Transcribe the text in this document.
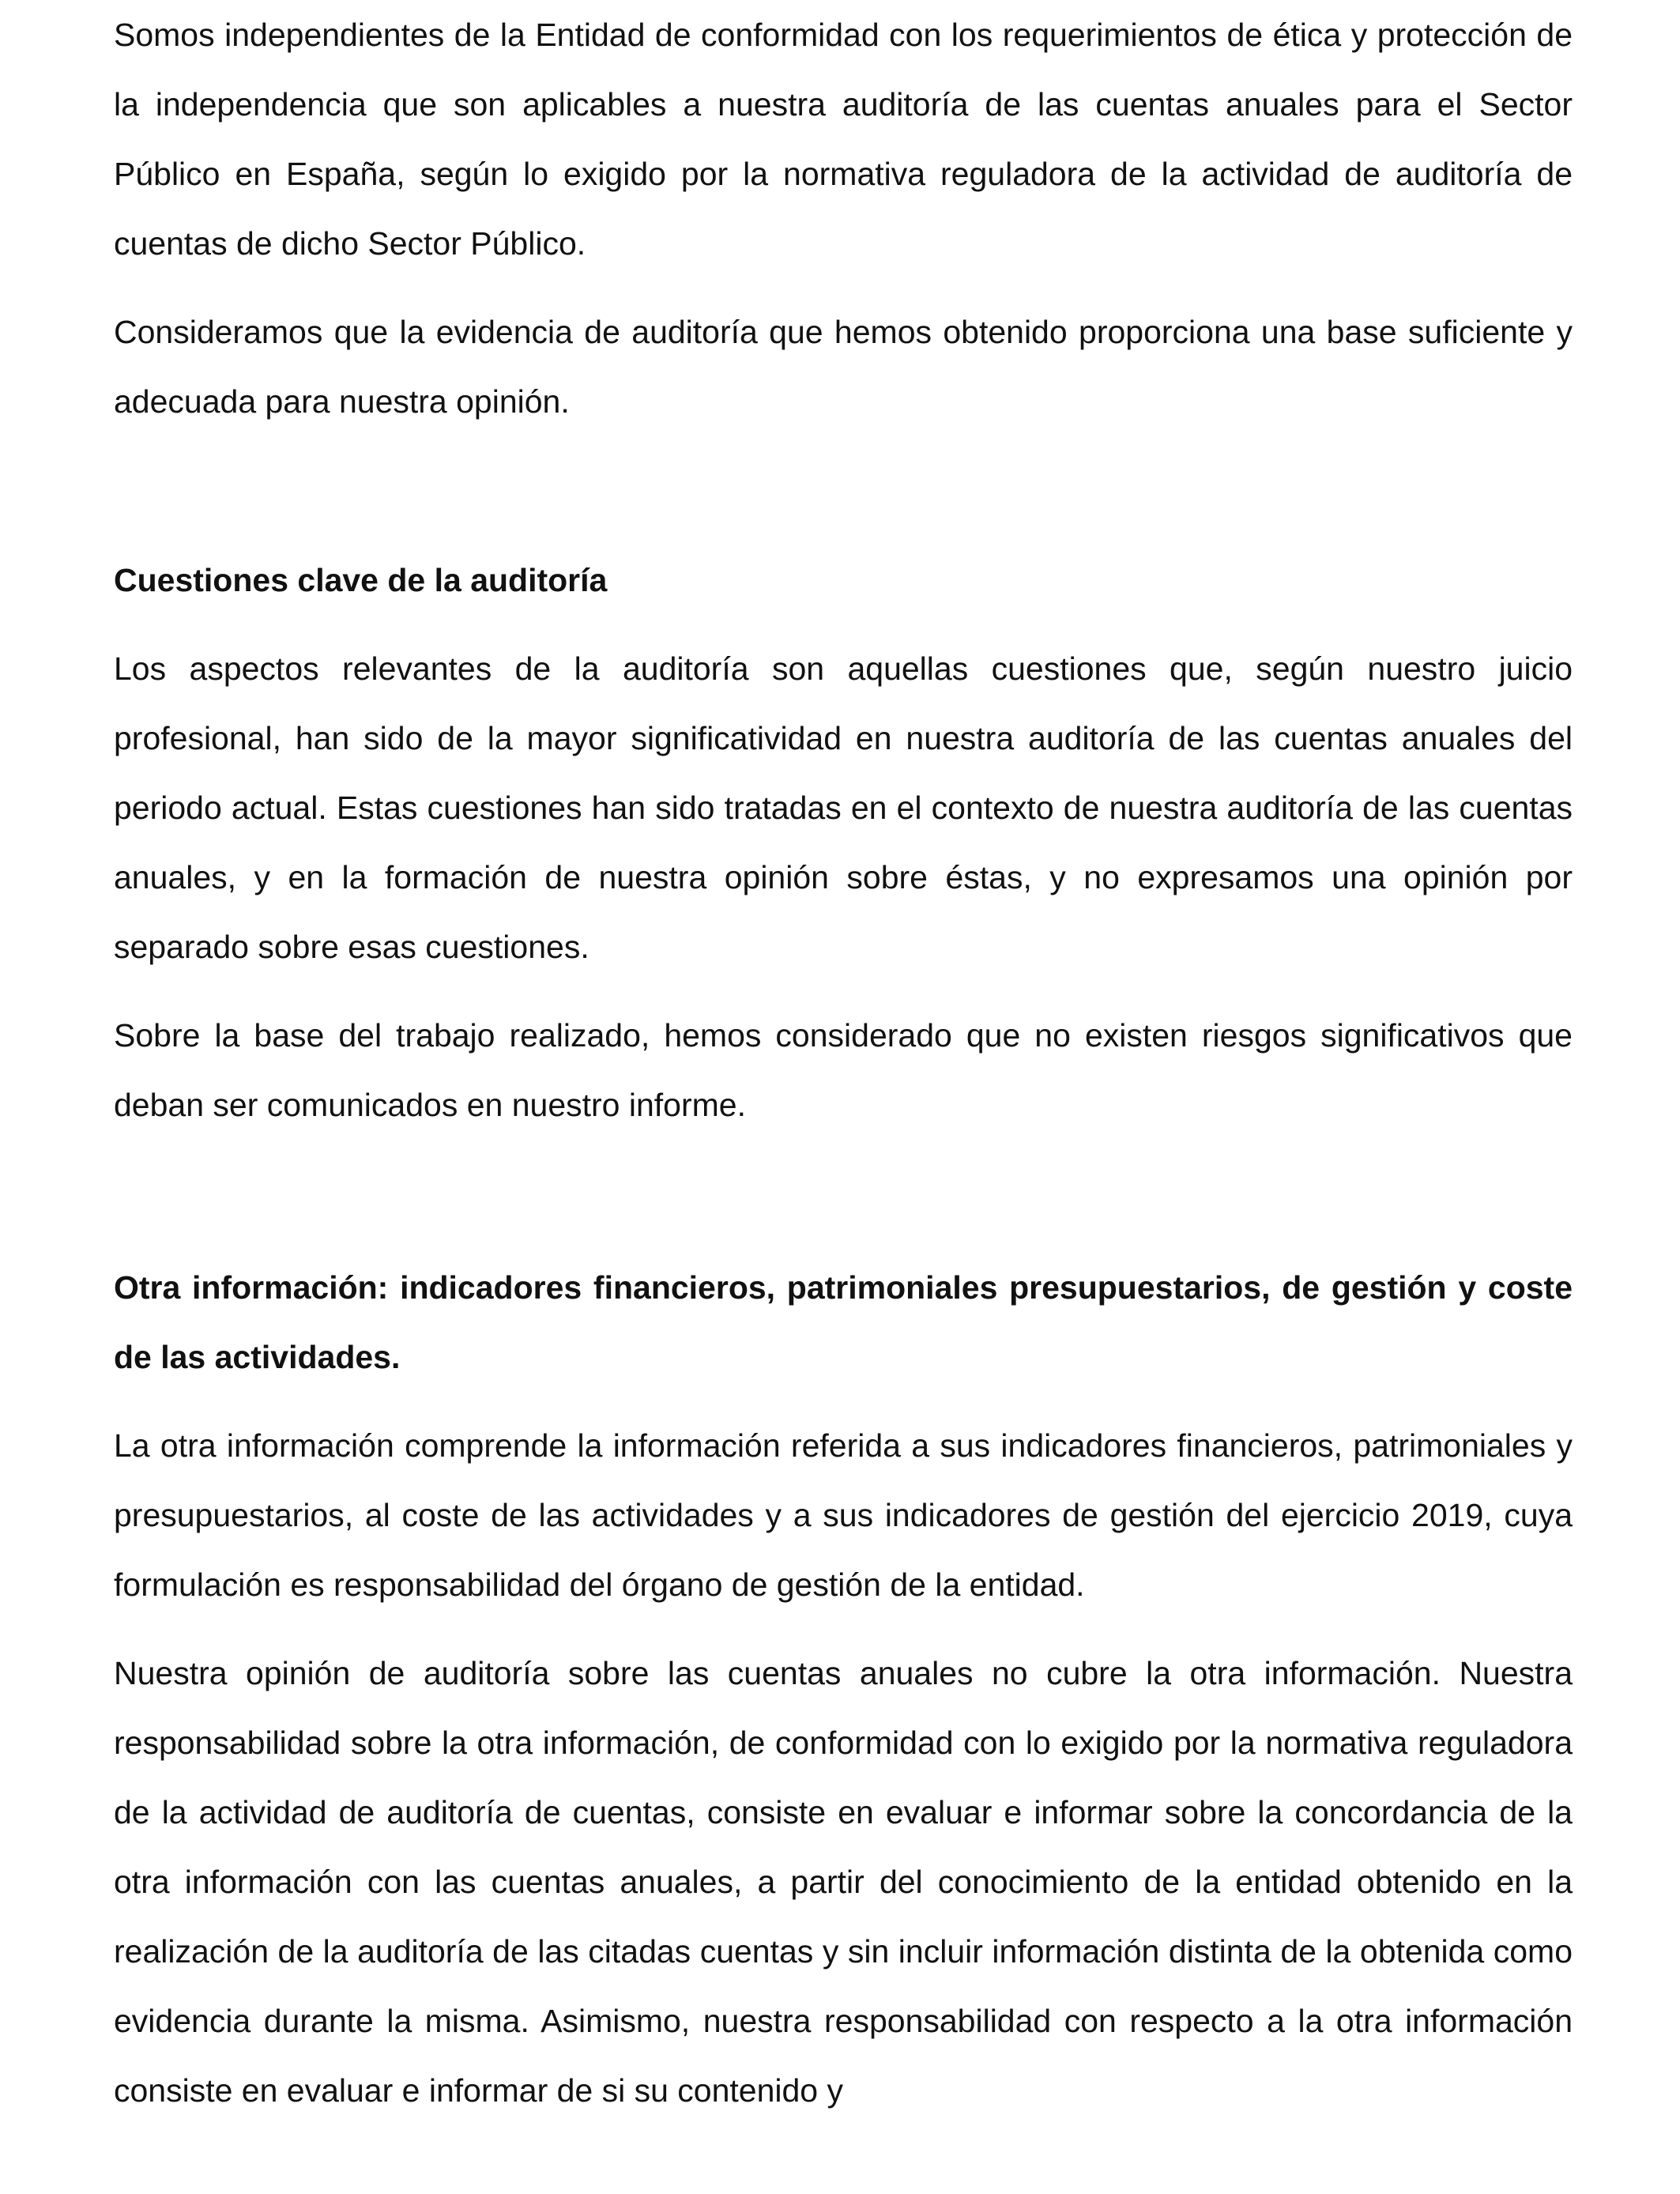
Somos independientes de la Entidad de conformidad con los requerimientos de ética y protección de la independencia que son aplicables a nuestra auditoría de las cuentas anuales para el Sector Público en España, según lo exigido por la normativa reguladora de la actividad de auditoría de cuentas de dicho Sector Público.

Consideramos que la evidencia de auditoría que hemos obtenido proporciona una base suficiente y adecuada para nuestra opinión.

Cuestiones clave de la auditoría

Los aspectos relevantes de la auditoría son aquellas cuestiones que, según nuestro juicio profesional, han sido de la mayor significatividad en nuestra auditoría de las cuentas anuales del periodo actual. Estas cuestiones han sido tratadas en el contexto de nuestra auditoría de las cuentas anuales, y en la formación de nuestra opinión sobre éstas, y no expresamos una opinión por separado sobre esas cuestiones.

Sobre la base del trabajo realizado, hemos considerado que no existen riesgos significativos que deban ser comunicados en nuestro informe.

Otra información: indicadores financieros, patrimoniales presupuestarios, de gestión y coste de las actividades.

La otra información comprende la información referida a sus indicadores financieros, patrimoniales y presupuestarios, al coste de las actividades y a sus indicadores de gestión del ejercicio 2019, cuya formulación es responsabilidad del órgano de gestión de la entidad.

Nuestra opinión de auditoría sobre las cuentas anuales no cubre la otra información. Nuestra responsabilidad sobre la otra información, de conformidad con lo exigido por la normativa reguladora de la actividad de auditoría de cuentas, consiste en evaluar e informar sobre la concordancia de la otra información con las cuentas anuales, a partir del conocimiento de la entidad obtenido en la realización de la auditoría de las citadas cuentas y sin incluir información distinta de la obtenida como evidencia durante la misma. Asimismo, nuestra responsabilidad con respecto a la otra información consiste en evaluar e informar de si su contenido y
